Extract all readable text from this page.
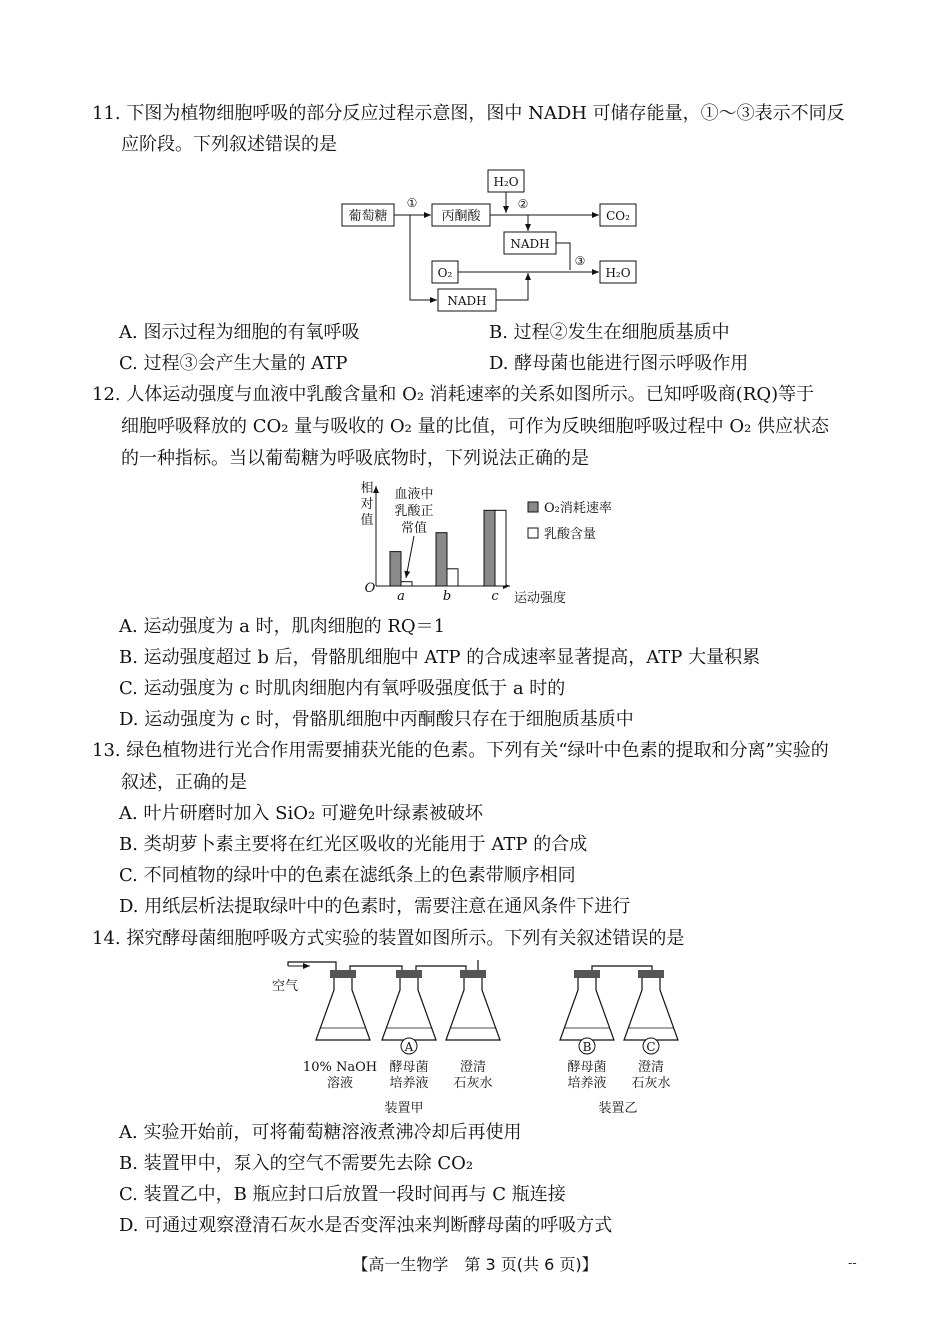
11. 下图为植物细胞呼吸的部分反应过程示意图，图中 NADH 可储存能量，①～③表示不同反
应阶段。下列叙述错误的是
H₂O
葡萄糖
①
丙酮酸
②
CO₂
NADH
③
O₂	H₂O
NADH
A. 图示过程为细胞的有氧呼吸	B. 过程②发生在细胞质基质中
C. 过程③会产生大量的 ATP	D. 酵母菌也能进行图示呼吸作用
12. 人体运动强度与血液中乳酸含量和 O₂ 消耗速率的关系如图所示。已知呼吸商(RQ)等于
细胞呼吸释放的 CO₂ 量与吸收的 O₂ 量的比值，可作为反映细胞呼吸过程中 O₂ 供应状态
的一种指标。当以葡萄糖为呼吸底物时，下列说法正确的是
相
对
值
O
运动强度
血液中
乳酸正
常值
a	b	c
O₂消耗速率
乳酸含量
A. 运动强度为 a 时，肌肉细胞的 RQ＝1
B. 运动强度超过 b 后，骨骼肌细胞中 ATP 的合成速率显著提高，ATP 大量积累
C. 运动强度为 c 时肌肉细胞内有氧呼吸强度低于 a 时的
D. 运动强度为 c 时，骨骼肌细胞中丙酮酸只存在于细胞质基质中
13. 绿色植物进行光合作用需要捕获光能的色素。下列有关“绿叶中色素的提取和分离”实验的
叙述，正确的是
A. 叶片研磨时加入 SiO₂ 可避免叶绿素被破坏
B. 类胡萝卜素主要将在红光区吸收的光能用于 ATP 的合成
C. 不同植物的绿叶中的色素在滤纸条上的色素带顺序相同
D. 用纸层析法提取绿叶中的色素时，需要注意在通风条件下进行
14. 探究酵母菌细胞呼吸方式实验的装置如图所示。下列有关叙述错误的是
空气
A
10% NaOH
溶液
酵母菌
培养液
澄清
石灰水
装置甲
B	C
酵母菌
培养液
澄清
石灰水
装置乙
A. 实验开始前，可将葡萄糖溶液煮沸冷却后再使用
B. 装置甲中，泵入的空气不需要先去除 CO₂
C. 装置乙中，B 瓶应封口后放置一段时间再与 C 瓶连接
D. 可通过观察澄清石灰水是否变浑浊来判断酵母菌的呼吸方式
【高一生物学　第 3 页(共 6 页)】	--
